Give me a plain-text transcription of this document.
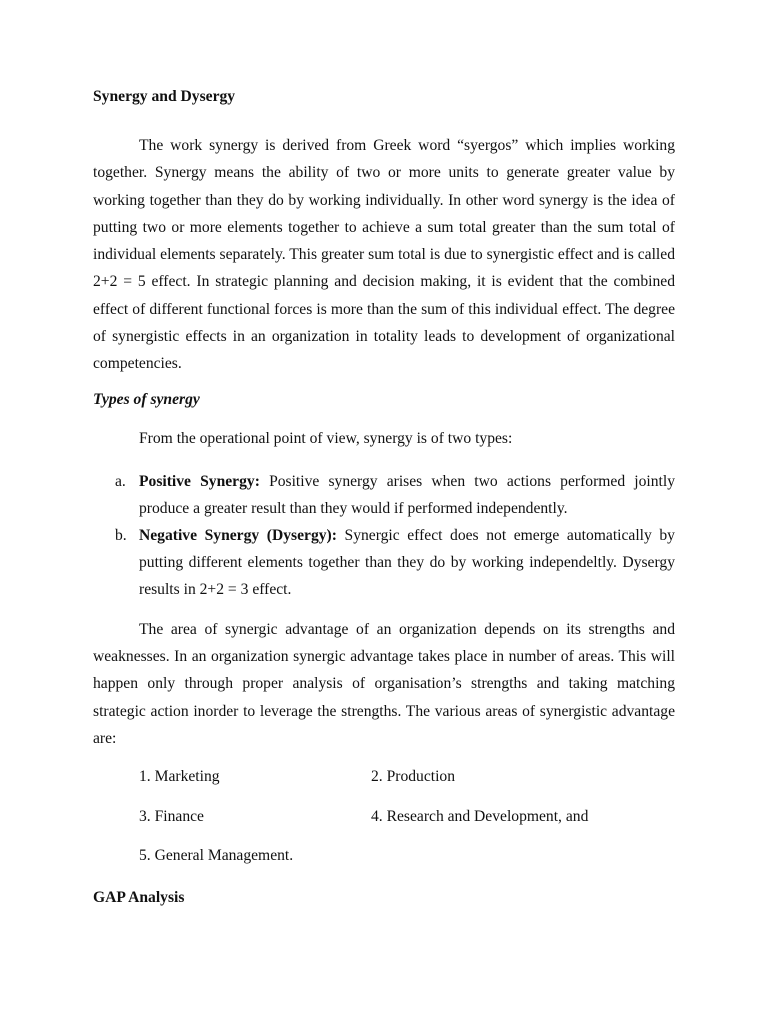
Synergy and Dysergy

The work synergy is derived from Greek word “syergos” which implies working together. Synergy means the ability of two or more units to generate greater value by working together than they do by working individually. In other word synergy is the idea of putting two or more elements together to achieve a sum total greater than the sum total of individual elements separately. This greater sum total is due to synergistic effect and is called 2+2 = 5 effect. In strategic planning and decision making, it is evident that the combined effect of different functional forces is more than the sum of this individual effect. The degree of synergistic effects in an organization in totality leads to development of organizational competencies.

Types of synergy

From the operational point of view, synergy is of two types:

a. Positive Synergy: Positive synergy arises when two actions performed jointly produce a greater result than they would if performed independently.
b. Negative Synergy (Dysergy): Synergic effect does not emerge automatically by putting different elements together than they do by working independeltly. Dysergy results in 2+2 = 3 effect.

The area of synergic advantage of an organization depends on its strengths and weaknesses. In an organization synergic advantage takes place in number of areas. This will happen only through proper analysis of organisation’s strengths and taking matching strategic action inorder to leverage the strengths. The various areas of synergistic advantage are:

1. Marketing	2. Production
3. Finance	4. Research and Development, and
5. General Management.

GAP Analysis
